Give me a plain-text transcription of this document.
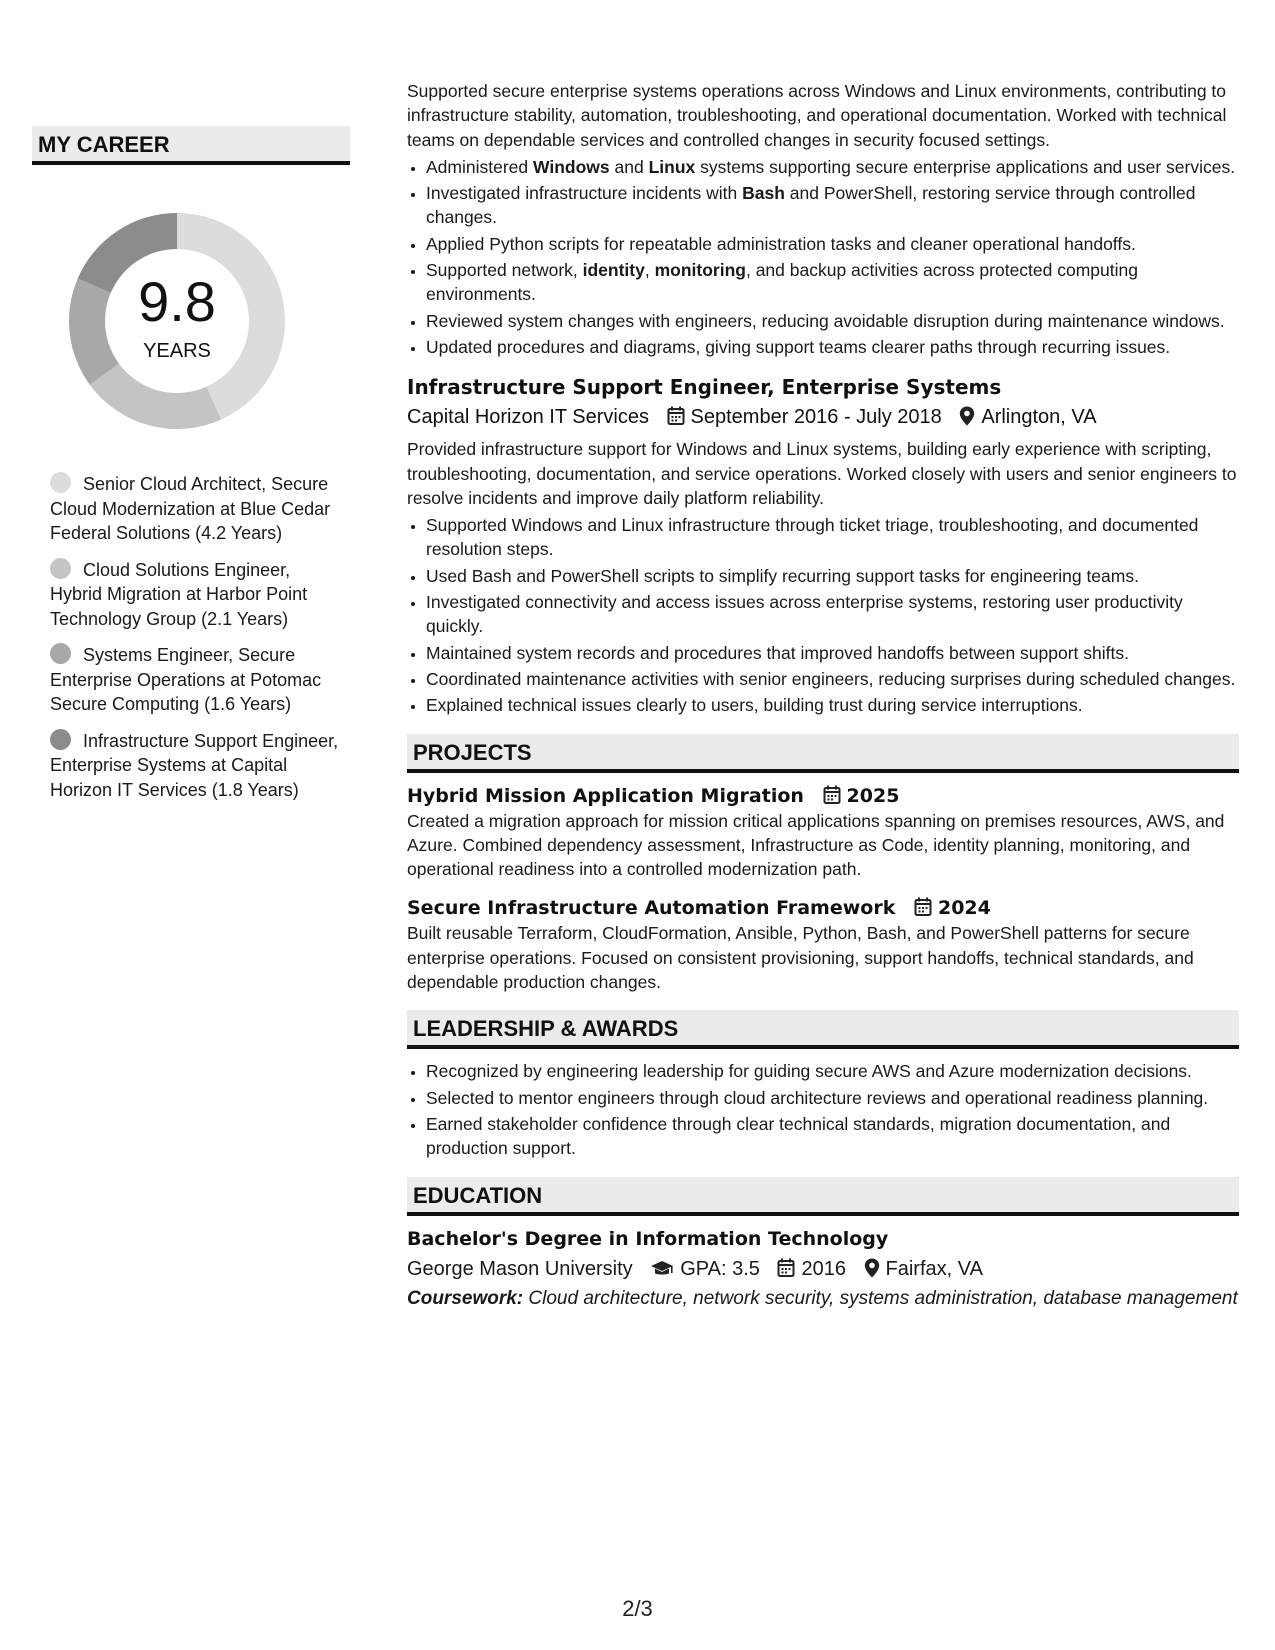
MY CAREER
9.8
YEARS
Senior Cloud Architect, Secure Cloud Modernization at Blue Cedar Federal Solutions (4.2 Years)
Cloud Solutions Engineer, Hybrid Migration at Harbor Point Technology Group (2.1 Years)
Systems Engineer, Secure Enterprise Operations at Potomac Secure Computing (1.6 Years)
Infrastructure Support Engineer, Enterprise Systems at Capital Horizon IT Services (1.8 Years)

Supported secure enterprise systems operations across Windows and Linux environments, contributing to infrastructure stability, automation, troubleshooting, and operational documentation. Worked with technical teams on dependable services and controlled changes in security focused settings.

• Administered Windows and Linux systems supporting secure enterprise applications and user services.
• Investigated infrastructure incidents with Bash and PowerShell, restoring service through controlled changes.
• Applied Python scripts for repeatable administration tasks and cleaner operational handoffs.
• Supported network, identity, monitoring, and backup activities across protected computing environments.
• Reviewed system changes with engineers, reducing avoidable disruption during maintenance windows.
• Updated procedures and diagrams, giving support teams clearer paths through recurring issues.
Infrastructure Support Engineer, Enterprise Systems
Capital Horizon IT Services September 2016 - July 2018 Arlington, VA

Provided infrastructure support for Windows and Linux systems, building early experience with scripting, troubleshooting, documentation, and service operations. Worked closely with users and senior engineers to resolve incidents and improve daily platform reliability.

• Supported Windows and Linux infrastructure through ticket triage, troubleshooting, and documented resolution steps.
• Used Bash and PowerShell scripts to simplify recurring support tasks for engineering teams.
• Investigated connectivity and access issues across enterprise systems, restoring user productivity quickly.
• Maintained system records and procedures that improved handoffs between support shifts.
• Coordinated maintenance activities with senior engineers, reducing surprises during scheduled changes.
• Explained technical issues clearly to users, building trust during service interruptions.
PROJECTS
Hybrid Mission Application Migration 2025

Created a migration approach for mission critical applications spanning on premises resources, AWS, and Azure. Combined dependency assessment, Infrastructure as Code, identity planning, monitoring, and operational readiness into a controlled modernization path.

Secure Infrastructure Automation Framework 2024

Built reusable Terraform, CloudFormation, Ansible, Python, Bash, and PowerShell patterns for secure enterprise operations. Focused on consistent provisioning, support handoffs, technical standards, and dependable production changes.

LEADERSHIP & AWARDS
• Recognized by engineering leadership for guiding secure AWS and Azure modernization decisions.
• Selected to mentor engineers through cloud architecture reviews and operational readiness planning.
• Earned stakeholder confidence through clear technical standards, migration documentation, and production support.
EDUCATION
Bachelor's Degree in Information Technology
George Mason University GPA: 3.5 2016 Fairfax, VA
Coursework: Cloud architecture, network security, systems administration, database management
2/3
